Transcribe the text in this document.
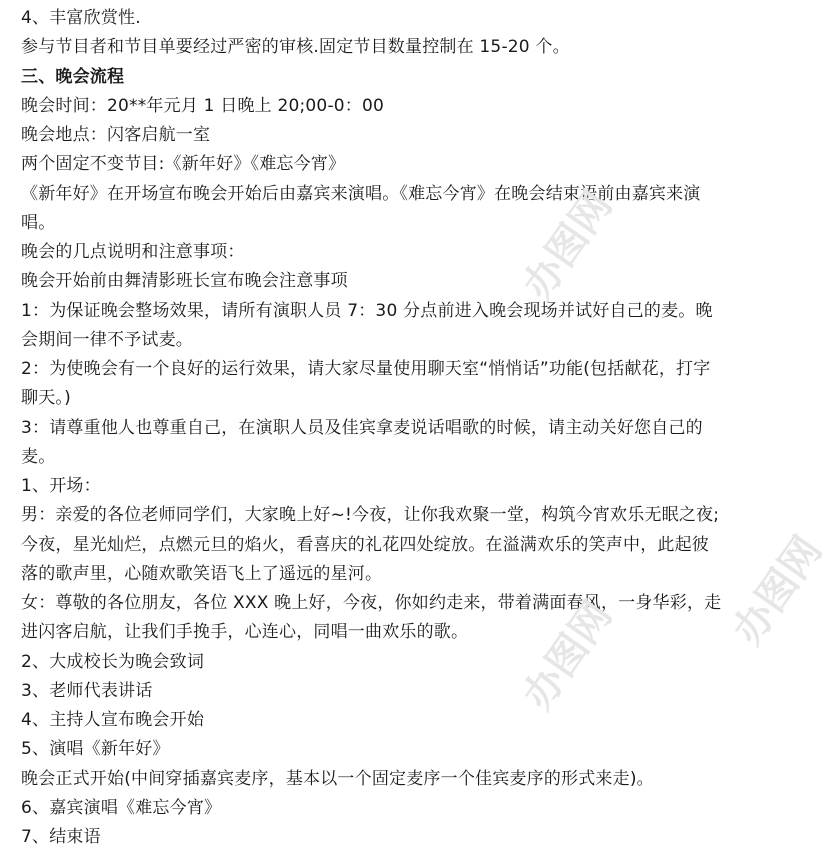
4、丰富欣赏性.
参与节目者和节目单要经过严密的审核.固定节目数量控制在 15-20 个。
三、晚会流程
晚会时间：20**年元月 1 日晚上 20;00-0：00
晚会地点：闪客启航一室
两个固定不变节目:《新年好》《难忘今宵》
《新年好》在开场宣布晚会开始后由嘉宾来演唱。《难忘今宵》在晚会结束语前由嘉宾来演
唱。
晚会的几点说明和注意事项：
晚会开始前由舞清影班长宣布晚会注意事项
1：为保证晚会整场效果，请所有演职人员 7：30 分点前进入晚会现场并试好自己的麦。晚
会期间一律不予试麦。
2：为使晚会有一个良好的运行效果，请大家尽量使用聊天室“悄悄话”功能(包括献花，打字
聊天。)
3：请尊重他人也尊重自己，在演职人员及佳宾拿麦说话唱歌的时候，请主动关好您自己的
麦。
1、开场：
男：亲爱的各位老师同学们，大家晚上好~!今夜，让你我欢聚一堂，构筑今宵欢乐无眠之夜;
今夜，星光灿烂，点燃元旦的焰火，看喜庆的礼花四处绽放。在溢满欢乐的笑声中，此起彼
落的歌声里，心随欢歌笑语飞上了遥远的星河。
女：尊敬的各位朋友，各位 XXX 晚上好，今夜，你如约走来，带着满面春风，一身华彩，走
进闪客启航，让我们手挽手，心连心，同唱一曲欢乐的歌。
2、大成校长为晚会致词
3、老师代表讲话
4、主持人宣布晚会开始
5、演唱《新年好》
晚会正式开始(中间穿插嘉宾麦序，基本以一个固定麦序一个佳宾麦序的形式来走)。
6、嘉宾演唱《难忘今宵》
7、结束语
办图网
办图网
办图网
